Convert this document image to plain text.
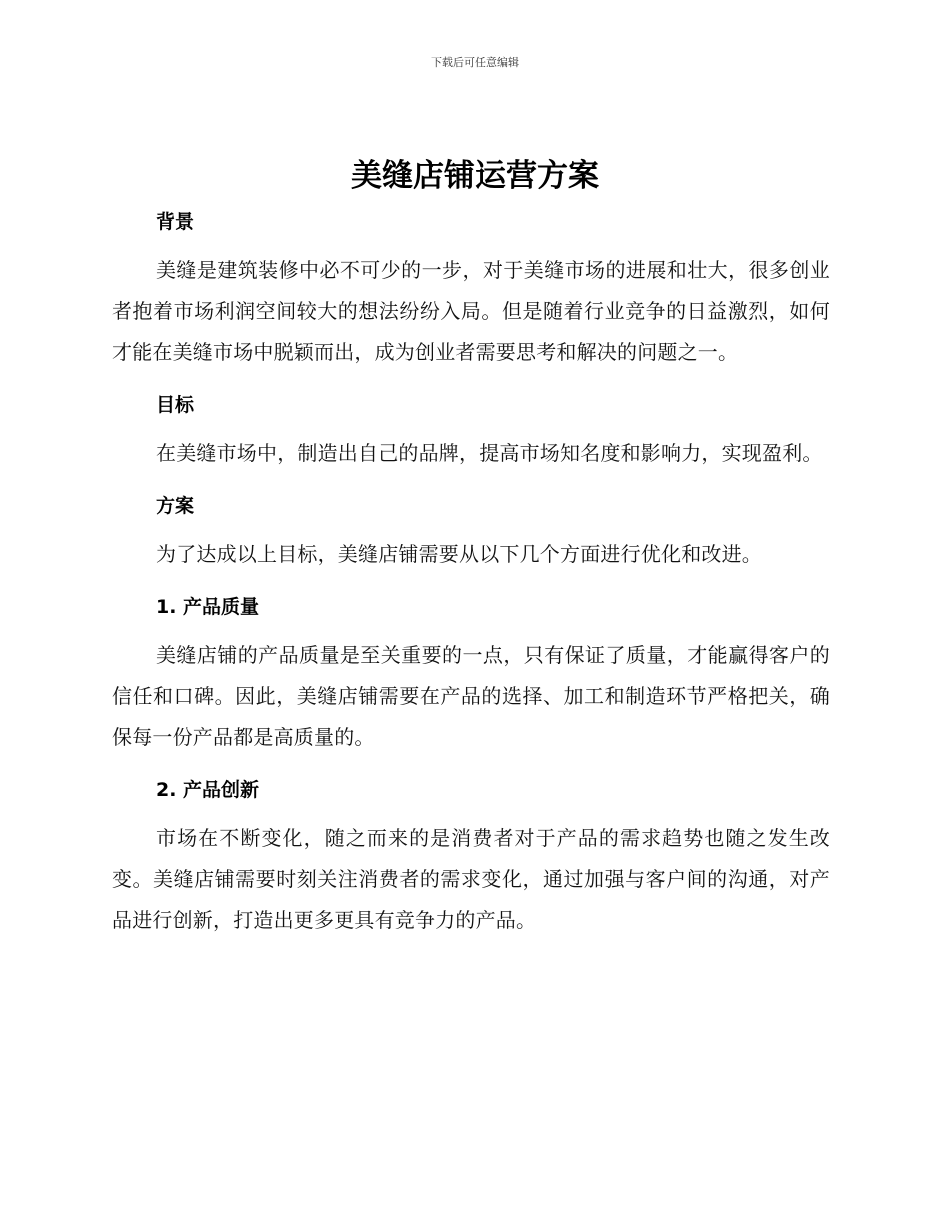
下载后可任意编辑
美缝店铺运营方案
背景

美缝是建筑装修中必不可少的一步，对于美缝市场的进展和壮大，很多创业者抱着市场利润空间较大的想法纷纷入局。但是随着行业竞争的日益激烈，如何才能在美缝市场中脱颖而出，成为创业者需要思考和解决的问题之一。

目标

在美缝市场中，制造出自己的品牌，提高市场知名度和影响力，实现盈利。

方案

为了达成以上目标，美缝店铺需要从以下几个方面进行优化和改进。

1. 产品质量

美缝店铺的产品质量是至关重要的一点，只有保证了质量，才能赢得客户的信任和口碑。因此，美缝店铺需要在产品的选择、加工和制造环节严格把关，确保每一份产品都是高质量的。

2. 产品创新

市场在不断变化，随之而来的是消费者对于产品的需求趋势也随之发生改变。美缝店铺需要时刻关注消费者的需求变化，通过加强与客户间的沟通，对产品进行创新，打造出更多更具有竞争力的产品。
